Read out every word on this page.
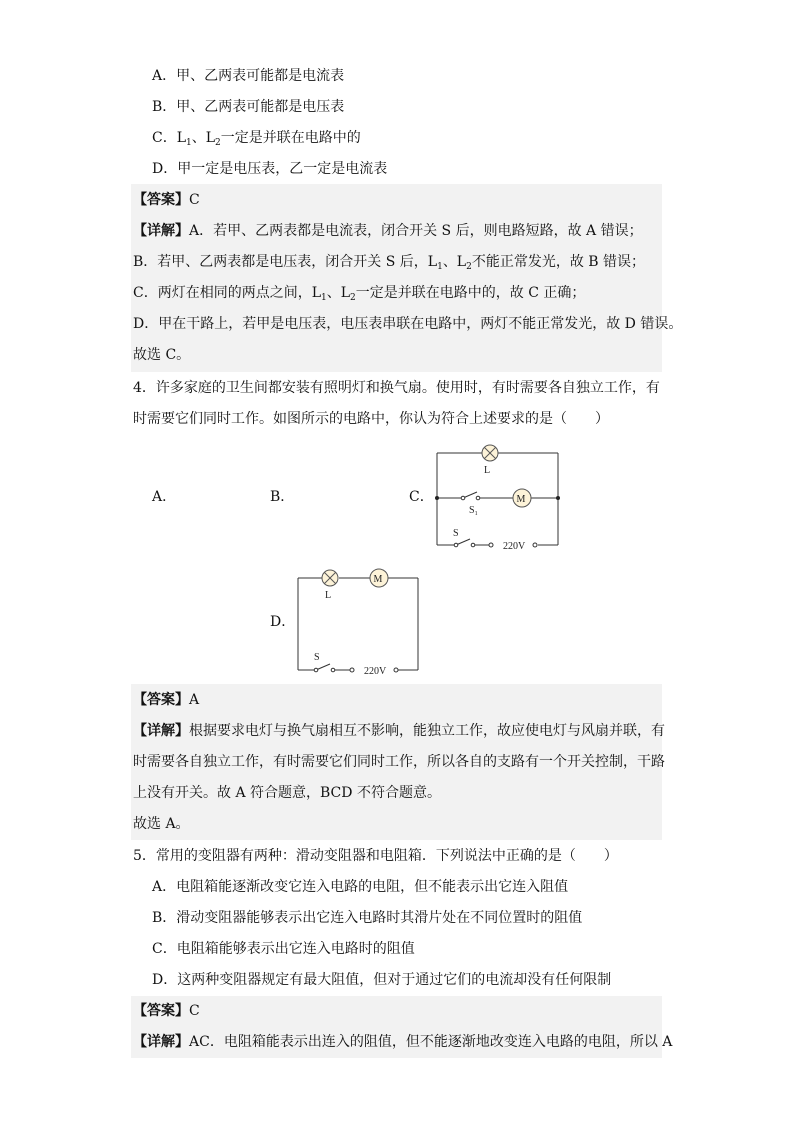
A．甲、乙两表可能都是电流表
B．甲、乙两表可能都是电压表
C．$L_1$、$L_2$一定是并联在电路中的
D．甲一定是电压表，乙一定是电流表
【答案】C
【详解】A．若甲、乙两表都是电流表，闭合开关 S 后，则电路短路，故 A 错误；
B．若甲、乙两表都是电压表，闭合开关 S 后，$L_1$、$L_2$不能正常发光，故 B 错误；
C．两灯在相同的两点之间，$L_1$、$L_2$一定是并联在电路中的，故 C 正确；
D．甲在干路上，若甲是电压表，电压表串联在电路中，两灯不能正常发光，故 D 错误。
故选 C。
4．许多家庭的卫生间都安装有照明灯和换气扇。使用时，有时需要各自独立工作，有
时需要它们同时工作。如图所示的电路中，你认为符合上述要求的是（　　）
A．	B．	C．
D．
L
M
$S_1$
S
220V
L
M
S
220V
【答案】A
【详解】根据要求电灯与换气扇相互不影响，能独立工作，故应使电灯与风扇并联，有
时需要各自独立工作，有时需要它们同时工作，所以各自的支路有一个开关控制，干路
上没有开关。故 A 符合题意，BCD 不符合题意。
故选 A。
5．常用的变阻器有两种：滑动变阻器和电阻箱．下列说法中正确的是（　　）
A．电阻箱能逐渐改变它连入电路的电阻，但不能表示出它连入阻值
B．滑动变阻器能够表示出它连入电路时其滑片处在不同位置时的阻值
C．电阻箱能够表示出它连入电路时的阻值
D．这两种变阻器规定有最大阻值，但对于通过它们的电流却没有任何限制
【答案】C
【详解】AC．电阻箱能表示出连入的阻值，但不能逐渐地改变连入电路的电阻，所以 A
